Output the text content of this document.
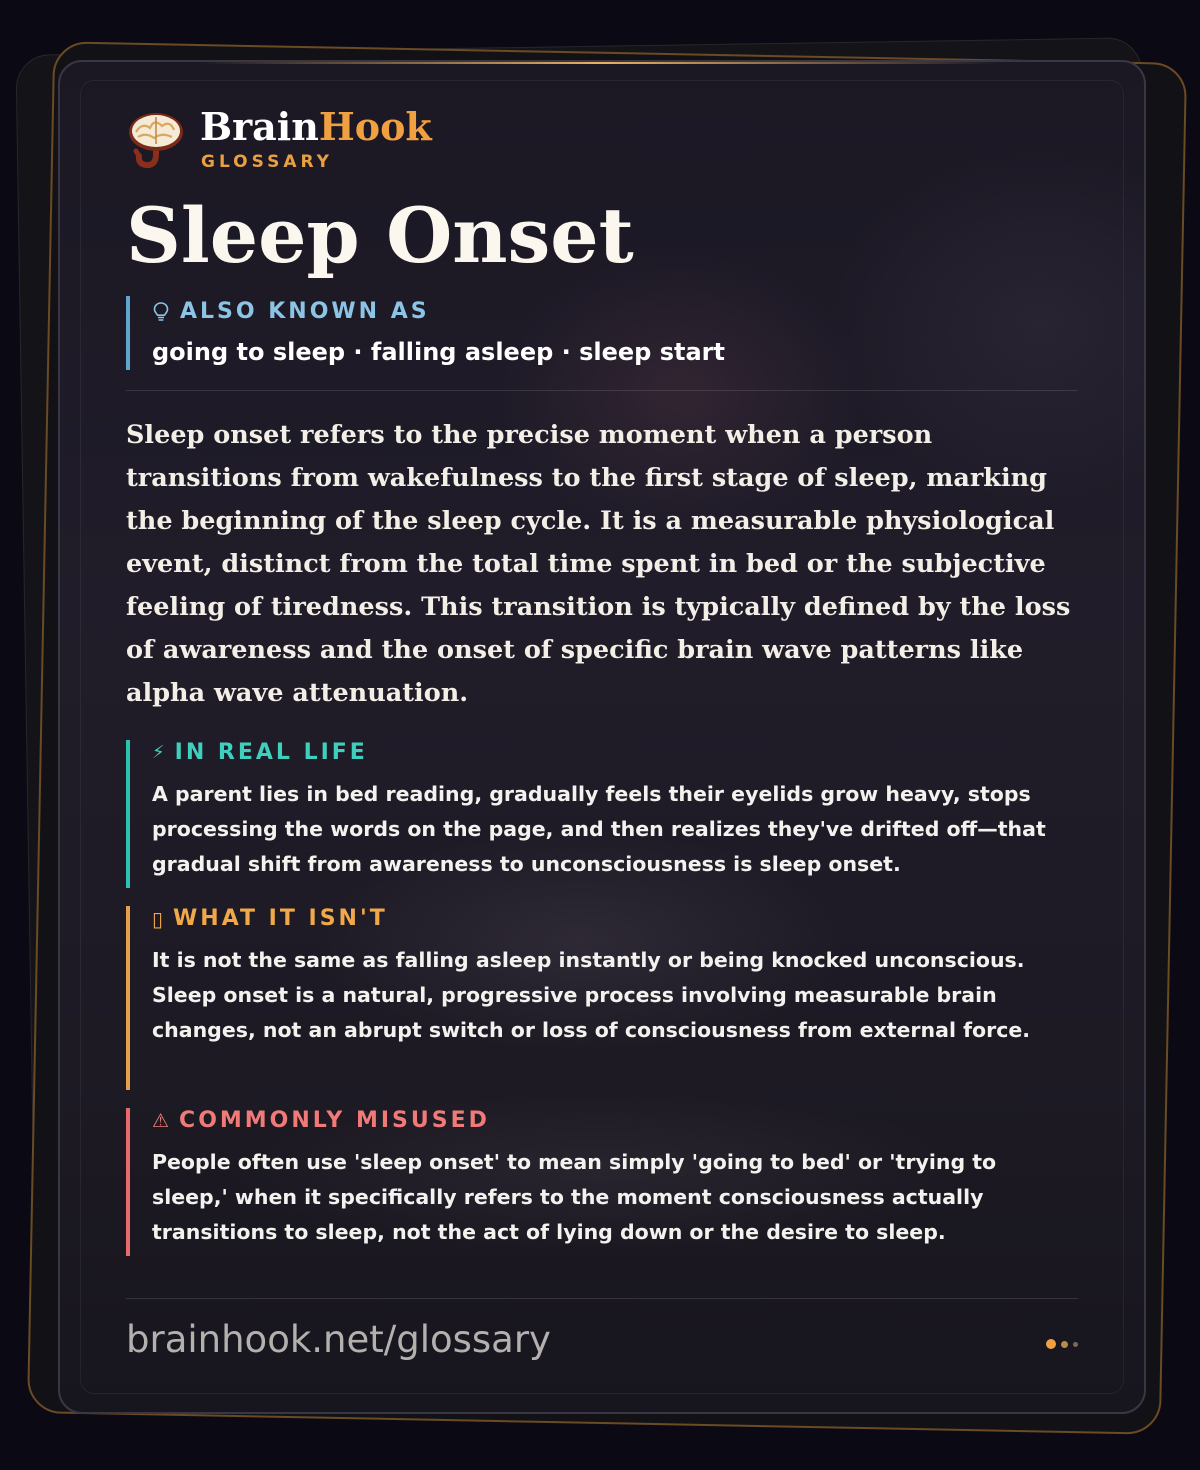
BrainHook
GLOSSARY
Sleep Onset
ALSO KNOWN AS
going to sleep · falling asleep · sleep start

Sleep onset refers to the precise moment when a person transitions from wakefulness to the first stage of sleep, marking the beginning of the sleep cycle. It is a measurable physiological event, distinct from the total time spent in bed or the subjective feeling of tiredness. This transition is typically defined by the loss of awareness and the onset of specific brain wave patterns like alpha wave attenuation.

⚡ IN REAL LIFE
A parent lies in bed reading, gradually feels their eyelids grow heavy, stops processing the words on the page, and then realizes they've drifted off—that gradual shift from awareness to unconsciousness is sleep onset.
▯ WHAT IT ISN'T
It is not the same as falling asleep instantly or being knocked unconscious. Sleep onset is a natural, progressive process involving measurable brain changes, not an abrupt switch or loss of consciousness from external force.
⚠ COMMONLY MISUSED
People often use 'sleep onset' to mean simply 'going to bed' or 'trying to sleep,' when it specifically refers to the moment consciousness actually transitions to sleep, not the act of lying down or the desire to sleep.
brainhook.net/glossary
